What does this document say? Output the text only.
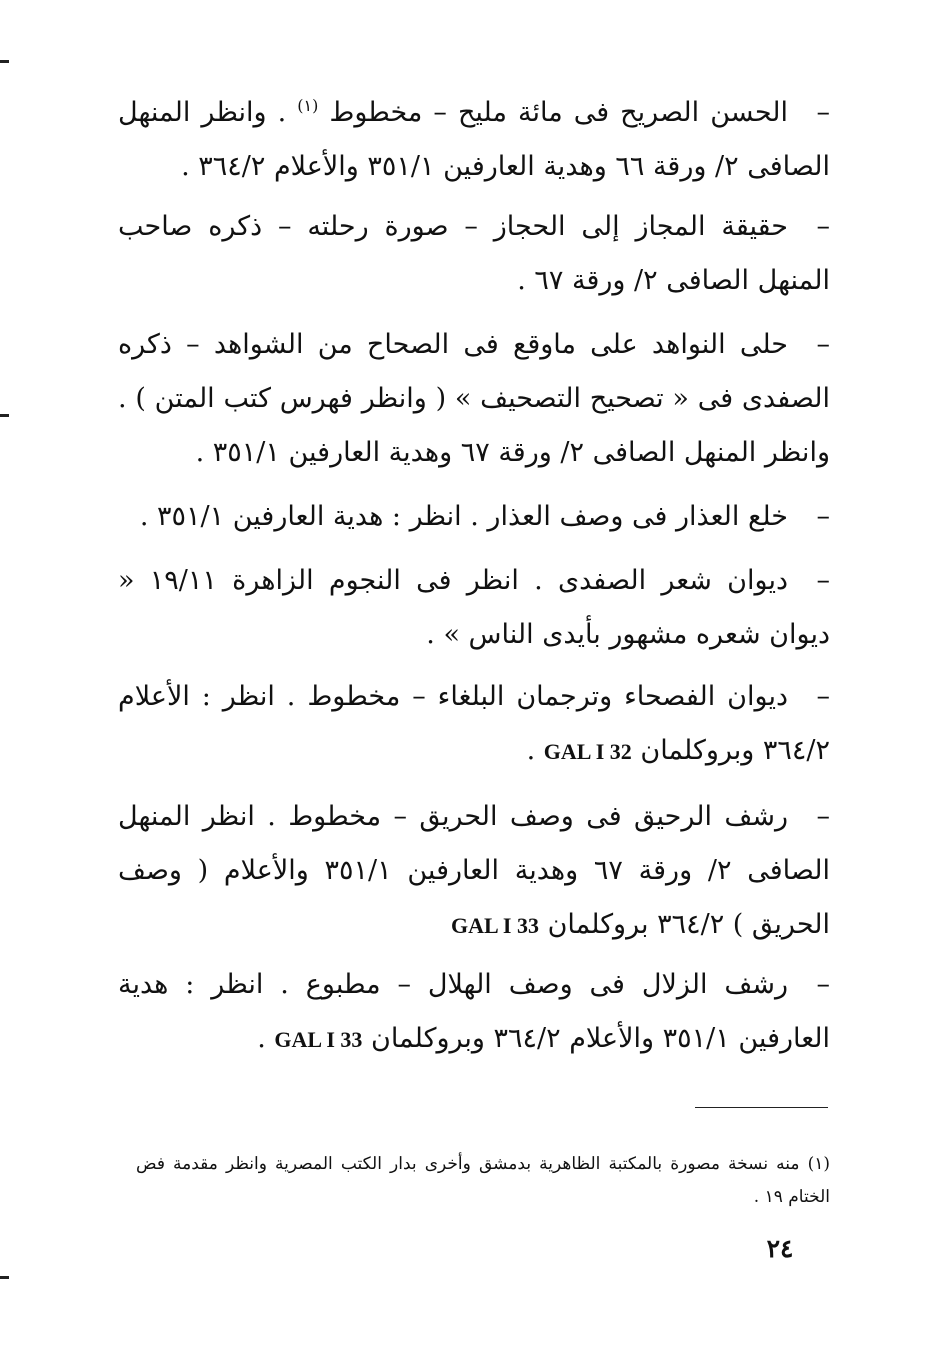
–الحسن الصريح فى مائة مليح – مخطوط $^{(١)}$ . وانظر المنهل الصافى ٢/ ورقة ٦٦ وهدية العارفين ٣٥١/١ والأعلام ٣٦٤/٢ .
–حقيقة المجاز إلى الحجاز – صورة رحلته – ذكره صاحب المنهل الصافى ٢/ ورقة ٦٧ .
–حلى النواهد على ماوقع فى الصحاح من الشواهد – ذكره الصفدى فى « تصحيح التصحيف » ( وانظر فهرس كتب المتن ) . وانظر المنهل الصافى ٢/ ورقة ٦٧ وهدية العارفين ٣٥١/١ .
–خلع العذار فى وصف العذار . انظر : هدية العارفين ٣٥١/١ .
–ديوان شعر الصفدى . انظر فى النجوم الزاهرة ١٩/١١ « ديوان شعره مشهور بأيدى الناس » .
–ديوان الفصحاء وترجمان البلغاء – مخطوط . انظر : الأعلام ٣٦٤/٢ وبروكلمان GAL I 32 .
–رشف الرحيق فى وصف الحريق – مخطوط . انظر المنهل الصافى ٢/ ورقة ٦٧ وهدية العارفين ٣٥١/١ والأعلام ( وصف الحريق ) ٣٦٤/٢ بروكلمان GAL I 33
–رشف الزلال فى وصف الهلال – مطبوع . انظر : هدية العارفين ٣٥١/١ والأعلام ٣٦٤/٢ وبروكلمان GAL I 33 .
(١) منه نسخة مصورة بالمكتبة الظاهرية بدمشق وأخرى بدار الكتب المصرية وانظر مقدمة فض الختام ١٩ .
٢٤
